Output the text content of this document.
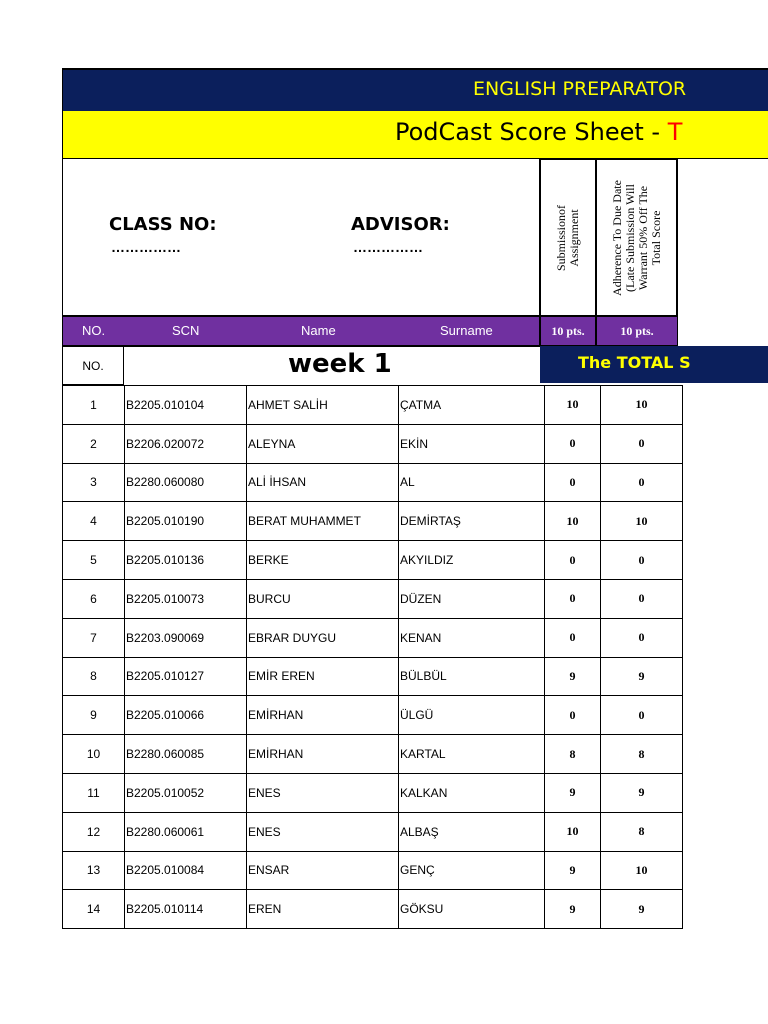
ENGLISH PREPARATOR
PodCast Score Sheet - T
CLASS NO:
……………
ADVISOR:
……………	Submissionof
Assignment
Adherence To Due Date
(Late Submission Will
Warrant 50% Off The
Total Score
NO.	SCN	Name	Surname	10 pts.	10 pts.
NO.	week 1	The TOTAL S
1	B2205.010104	AHMET SALİH	ÇATMA	10	10
2	B2206.020072	ALEYNA	EKİN	0	0
3	B2280.060080	ALİ İHSAN	AL	0	0
4	B2205.010190	BERAT MUHAMMET	DEMİRTAŞ	10	10
5	B2205.010136	BERKE	AKYILDIZ	0	0
6	B2205.010073	BURCU	DÜZEN	0	0
7	B2203.090069	EBRAR DUYGU	KENAN	0	0
8	B2205.010127	EMİR EREN	BÜLBÜL	9	9
9	B2205.010066	EMİRHAN	ÜLGÜ	0	0
10	B2280.060085	EMİRHAN	KARTAL	8	8
11	B2205.010052	ENES	KALKAN	9	9
12	B2280.060061	ENES	ALBAŞ	10	8
13	B2205.010084	ENSAR	GENÇ	9	10
14	B2205.010114	EREN	GÖKSU	9	9
